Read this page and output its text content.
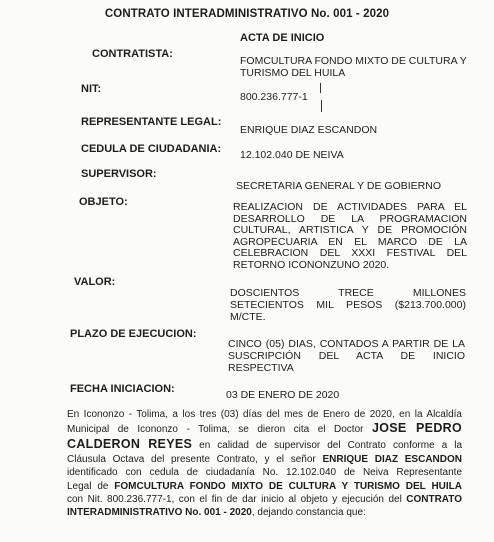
CONTRATO INTERADMINISTRATIVO No. 001 - 2020
ACTA DE INICIO
CONTRATISTA:
FOMCULTURA FONDO MIXTO DE CULTURA Y
TURISMO DEL HUILA
NIT:
800.236.777-1
REPRESENTANTE LEGAL:
ENRIQUE DIAZ ESCANDON
CEDULA DE CIUDADANIA: 12.102.040 DE NEIVA
SUPERVISOR:
SECRETARIA GENERAL Y DE GOBIERNO
OBJETO:	REALIZACION DE ACTIVIDADES PARA EL
DESARROLLO DE LA PROGRAMACION
CULTURAL, ARTISTICA Y DE PROMOCIÓN
AGROPECUARIA EN EL MARCO DE LA
CELEBRACION DEL XXXI FESTIVAL DEL
RETORNO ICONONZUNO 2020.
VALOR:
DOSCIENTOS TRECE MILLONES
SETECIENTOS MIL PESOS ($213.700.000)
M/CTE.
PLAZO DE EJECUCION:
CINCO (05) DIAS, CONTADOS A PARTIR DE LA
SUSCRIPCIÓN DEL ACTA DE INICIO
RESPECTIVA
FECHA INICIACION:	03 DE ENERO DE 2020
En Icononzo - Tolima, a los tres (03) días del mes de Enero de 2020, en la Alcaldía
Municipal de Icononzo - Tolima, se dieron cita el Doctor JOSE PEDRO
CALDERON REYES en calidad de supervisor del Contrato conforme a la
Cláusula Octava del presente Contrato, y el señor ENRIQUE DIAZ ESCANDON
identificado con cedula de ciudadanía No. 12.102.040 de Neiva Representante
Legal de FOMCULTURA FONDO MIXTO DE CULTURA Y TURISMO DEL HUILA
con Nit. 800.236.777-1, con el fin de dar inicio al objeto y ejecución del CONTRATO
INTERADMINISTRATIVO No. 001 - 2020, dejando constancia que:
